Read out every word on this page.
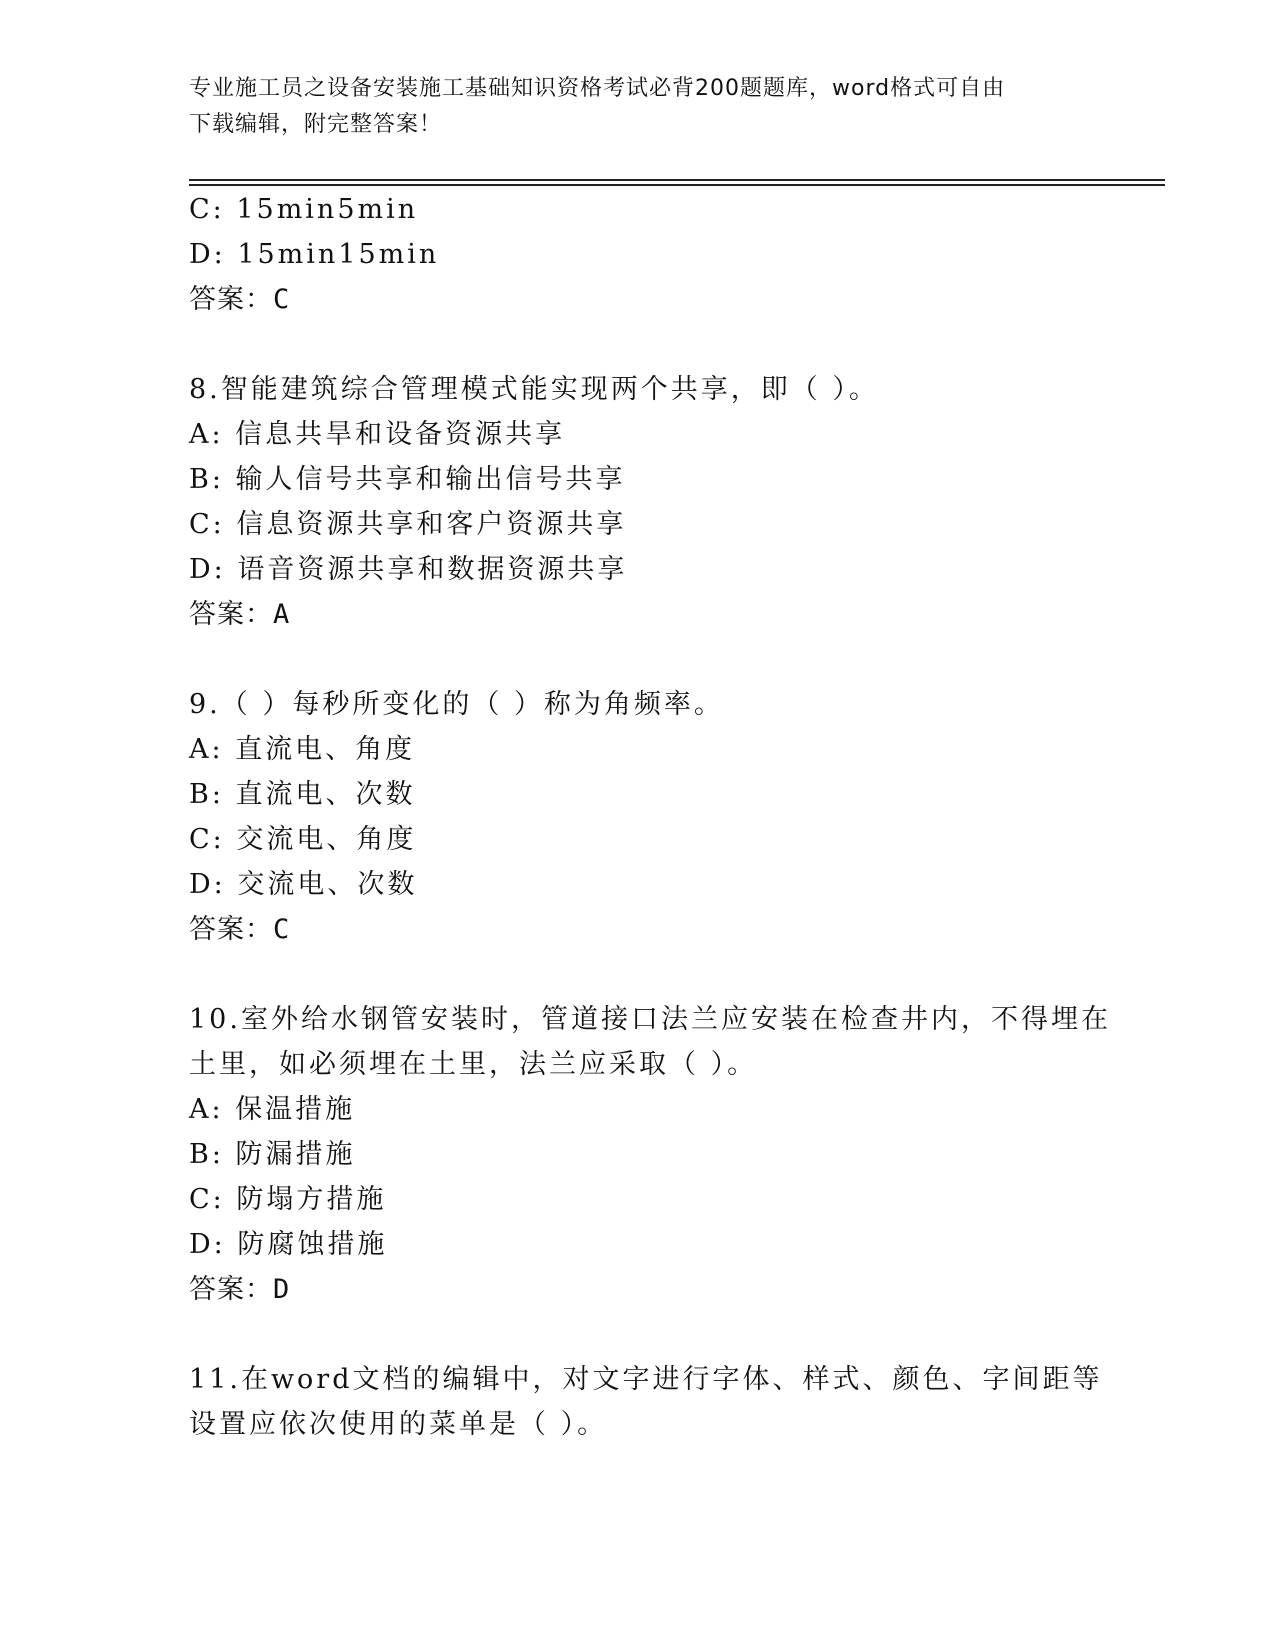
专业施工员之设备安装施工基础知识资格考试必背200题题库，word格式可自由
下载编辑，附完整答案！
C: 15min5min
D: 15min15min
答案：C
8.智能建筑综合管理模式能实现两个共享，即（ ）。
A: 信息共旱和设备资源共享
B: 输人信号共享和输出信号共享
C: 信息资源共享和客户资源共享
D: 语音资源共享和数据资源共享
答案：A
9.（ ）每秒所变化的（ ）称为角频率。
A: 直流电、角度
B: 直流电、次数
C: 交流电、角度
D: 交流电、次数
答案：C
10.室外给水钢管安装时，管道接口法兰应安装在检查井内，不得埋在
土里，如必须埋在土里，法兰应采取（ ）。
A: 保温措施
B: 防漏措施
C: 防塌方措施
D: 防腐蚀措施
答案：D
11.在word文档的编辑中，对文字进行字体、样式、颜色、字间距等
设置应依次使用的菜单是（ ）。
